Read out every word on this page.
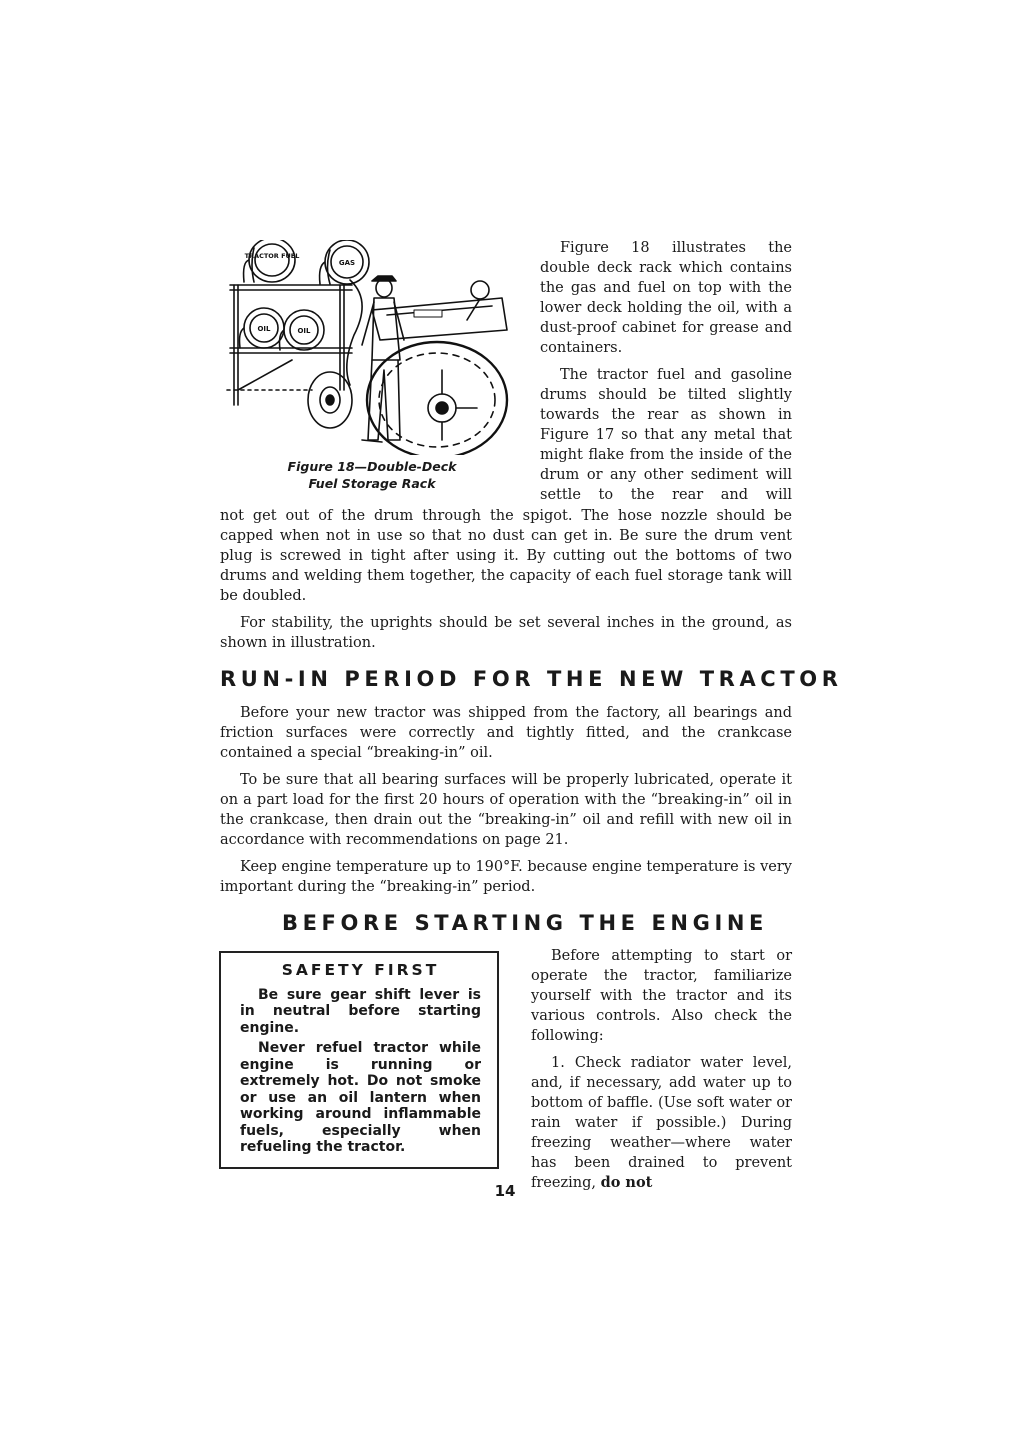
TRACTOR FUEL
GAS
OIL	OIL
Figure 18—Double-Deck
Fuel Storage Rack

Figure 18 illustrates the double deck rack which contains the gas and fuel on top with the lower deck holding the oil, with a dust-proof cabinet for grease and containers.

The tractor fuel and gasoline drums should be tilted slightly towards the rear as shown in Figure 17 so that any metal that might flake from the inside of the drum or any other sediment will settle to the rear and will

not get out of the drum through the spigot. The hose nozzle should be capped when not in use so that no dust can get in. Be sure the drum vent plug is screwed in tight after using it. By cutting out the bottoms of two drums and welding them together, the capacity of each fuel storage tank will be doubled.

For stability, the uprights should be set several inches in the ground, as shown in illustration.

RUN-IN PERIOD FOR THE NEW TRACTOR

Before your new tractor was shipped from the factory, all bearings and friction surfaces were correctly and tightly fitted, and the crankcase contained a special “breaking-in” oil.

To be sure that all bearing surfaces will be properly lubricated, operate it on a part load for the first 20 hours of operation with the “breaking-in” oil in the crankcase, then drain out the “breaking-in” oil and refill with new oil in accordance with recommendations on page 21.

Keep engine temperature up to 190°F. because engine temperature is very important during the “breaking-in” period.

BEFORE STARTING THE ENGINE
SAFETY FIRST

Be sure gear shift lever is in neutral before starting engine.

Never refuel tractor while engine is running or extremely hot. Do not smoke or use an oil lantern when working around inflammable fuels, especially when refueling the tractor.

Before attempting to start or operate the tractor, familiarize yourself with the tractor and its various controls. Also check the following:

1. Check radiator water level, and, if necessary, add water up to bottom of baffle. (Use soft water or rain water if possible.) During freezing weather—where water has been drained to prevent freezing, do not

14
